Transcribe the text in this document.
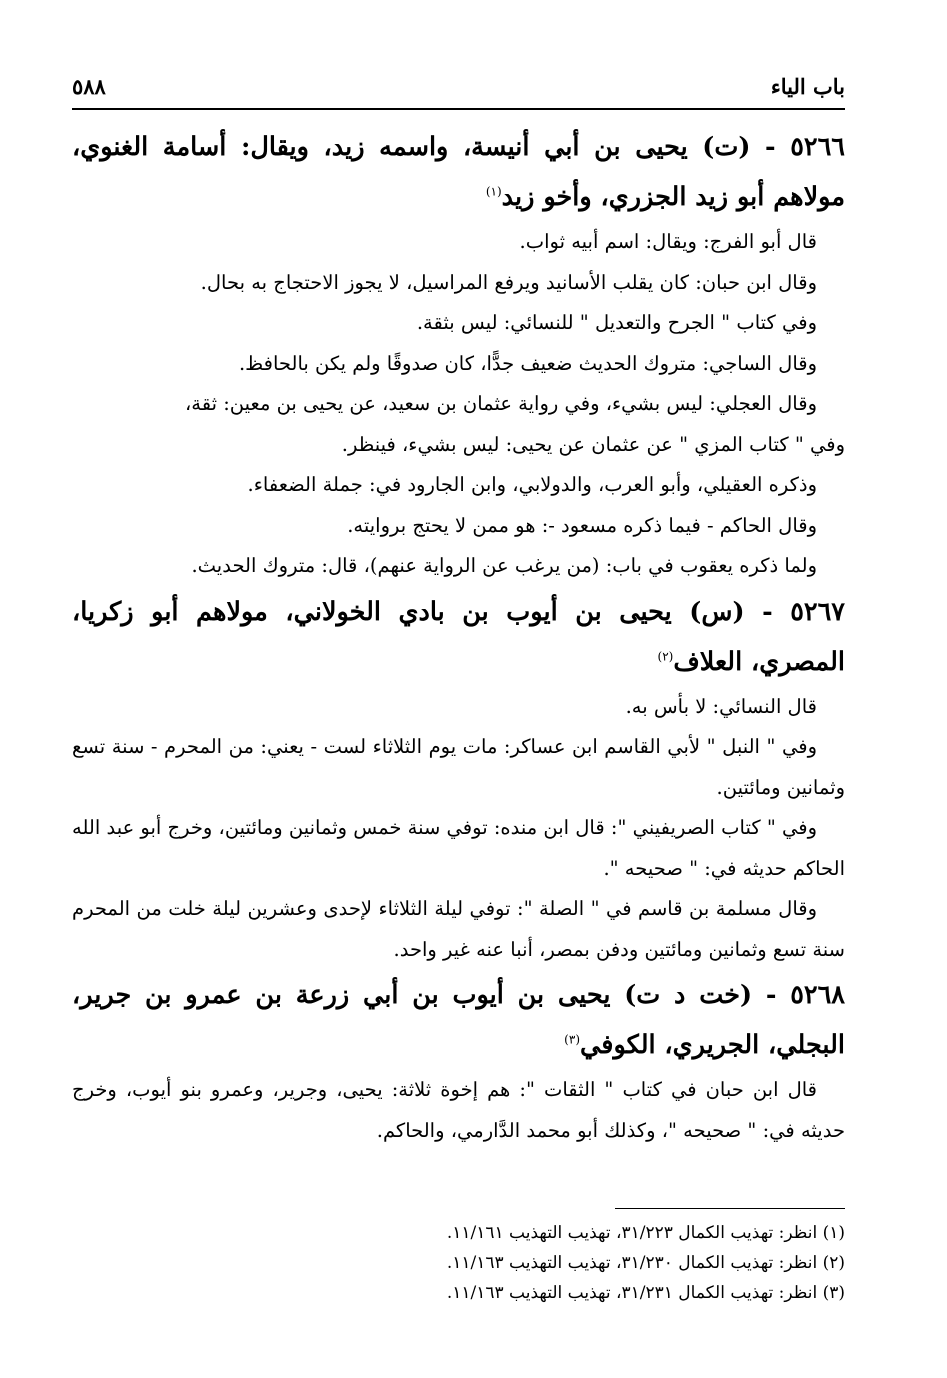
٥٨٨	باب الياء

٥٢٦٦ - (ت) يحيى بن أبي أنيسة، واسمه زيد، ويقال: أسامة الغنوي، مولاهم أبو زيد الجزري، وأخو زيد$^{(١)}$

قال أبو الفرج: ويقال: اسم أبيه ثواب.

وقال ابن حبان: كان يقلب الأسانيد ويرفع المراسيل، لا يجوز الاحتجاج به بحال.

وفي كتاب " الجرح والتعديل " للنسائي: ليس بثقة.

وقال الساجي: متروك الحديث ضعيف جدًّا، كان صدوقًا ولم يكن بالحافظ.

وقال العجلي: ليس بشيء، وفي رواية عثمان بن سعيد، عن يحيى بن معين: ثقة،

وفي " كتاب المزي " عن عثمان عن يحيى: ليس بشيء، فينظر.

وذكره العقيلي، وأبو العرب، والدولابي، وابن الجارود في: جملة الضعفاء.

وقال الحاكم - فيما ذكره مسعود -: هو ممن لا يحتج بروايته.

ولما ذكره يعقوب في باب: (من يرغب عن الرواية عنهم)، قال: متروك الحديث.

٥٢٦٧ - (س) يحيى بن أيوب بن بادي الخولاني، مولاهم أبو زكريا، المصري، العلاف$^{(٢)}$

قال النسائي: لا بأس به.

وفي " النبل " لأبي القاسم ابن عساكر: مات يوم الثلاثاء لست - يعني: من المحرم - سنة تسع وثمانين ومائتين.

وفي " كتاب الصريفيني ": قال ابن منده: توفي سنة خمس وثمانين ومائتين، وخرج أبو عبد الله الحاكم حديثه في: " صحيحه ".

وقال مسلمة بن قاسم في " الصلة ": توفي ليلة الثلاثاء لإحدى وعشرين ليلة خلت من المحرم سنة تسع وثمانين ومائتين ودفن بمصر، أنبا عنه غير واحد.

٥٢٦٨ - (خت د ت) يحيى بن أيوب بن أبي زرعة بن عمرو بن جرير، البجلي، الجريري، الكوفي$^{(٣)}$

قال ابن حبان في كتاب " الثقات ": هم إخوة ثلاثة: يحيى، وجرير، وعمرو بنو أيوب، وخرج حديثه في: " صحيحه "، وكذلك أبو محمد الدَّارمي، والحاكم.

(١) انظر: تهذيب الكمال ٣١/٢٢٣، تهذيب التهذيب ١١/١٦١.

(٢) انظر: تهذيب الكمال ٣١/٢٣٠، تهذيب التهذيب ١١/١٦٣.

(٣) انظر: تهذيب الكمال ٣١/٢٣١، تهذيب التهذيب ١١/١٦٣.
